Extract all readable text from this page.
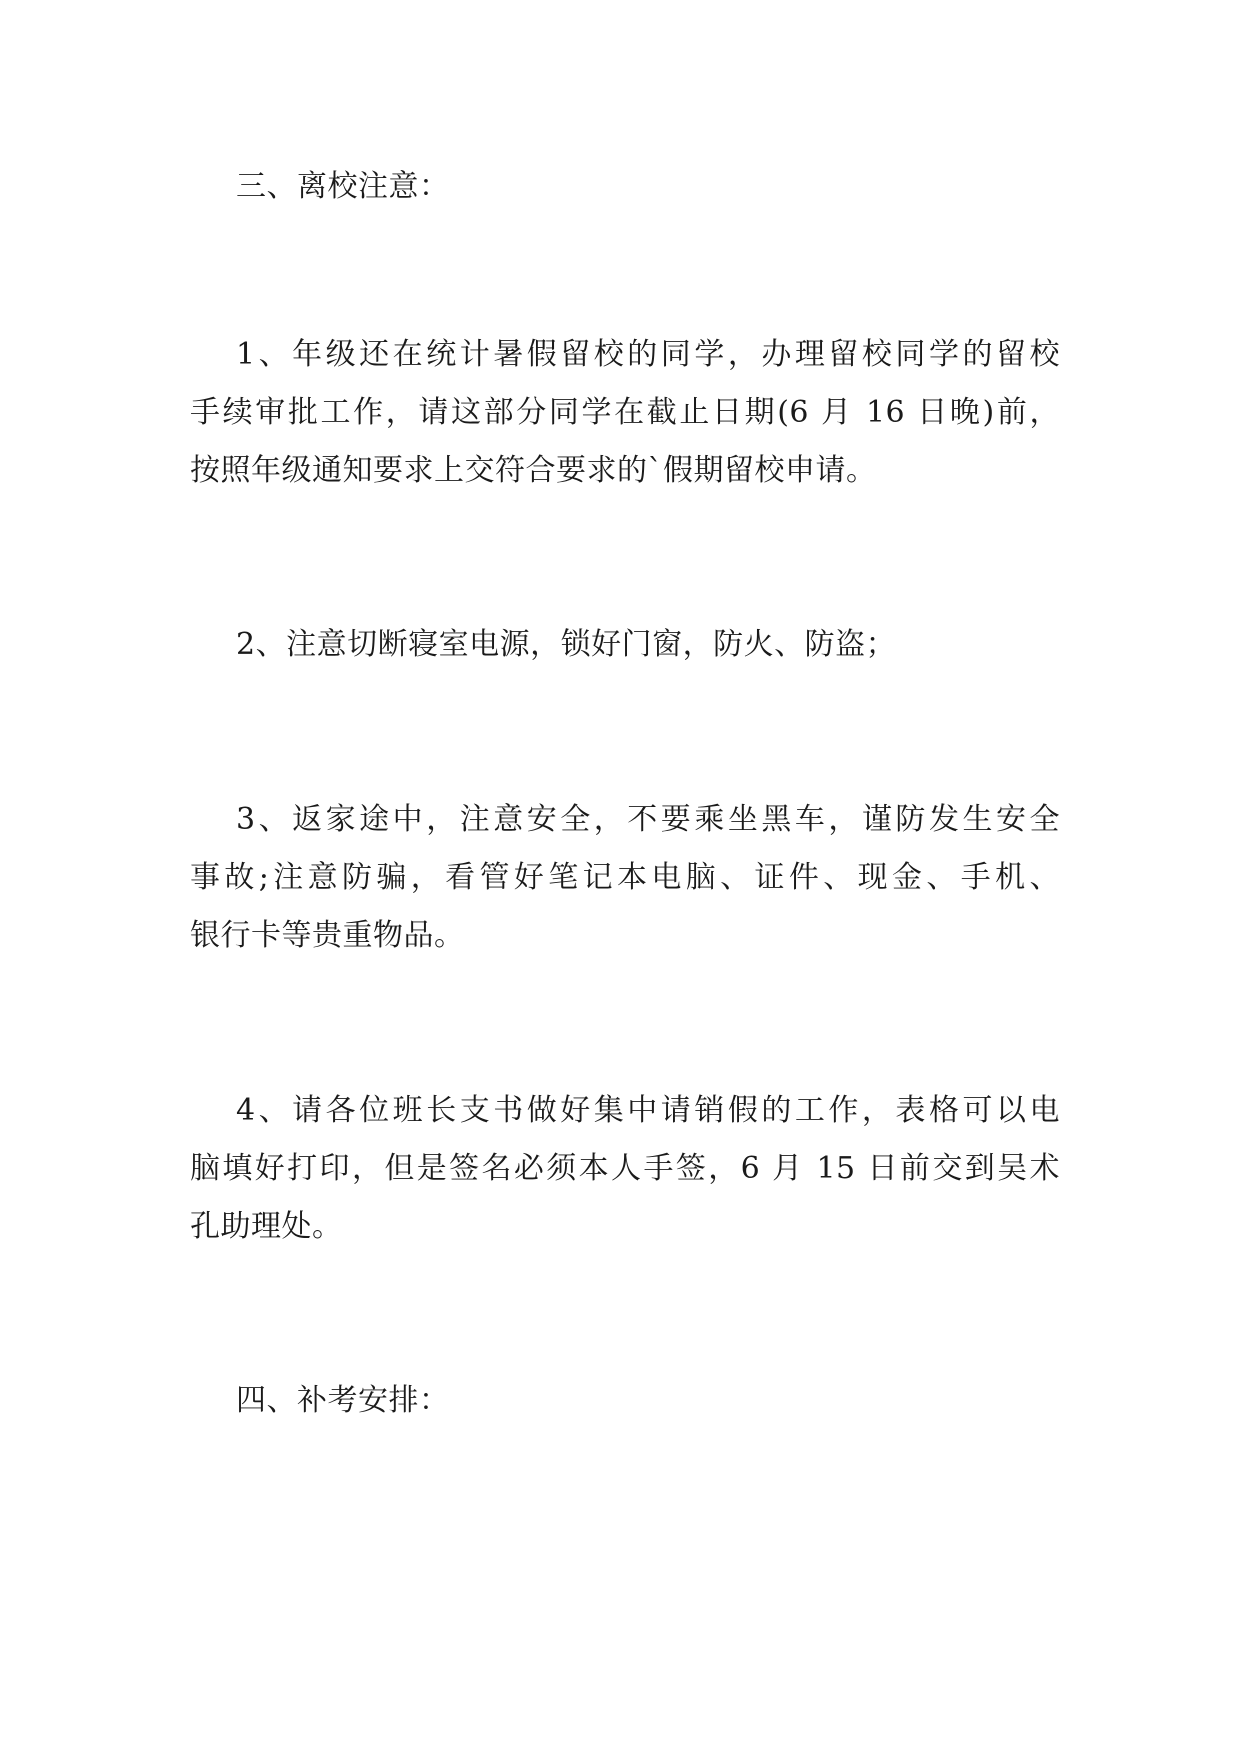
三、离校注意：
1、年级还在统计暑假留校的同学，办理留校同学的留校
手续审批工作，请这部分同学在截止日期(6 月 16 日晚)前，
按照年级通知要求上交符合要求的`假期留校申请。
2、注意切断寝室电源，锁好门窗，防火、防盗；
3、返家途中，注意安全，不要乘坐黑车，谨防发生安全
事故;注意防骗，看管好笔记本电脑、证件、现金、手机、
银行卡等贵重物品。
4、请各位班长支书做好集中请销假的工作，表格可以电
脑填好打印，但是签名必须本人手签，6 月 15 日前交到吴术
孔助理处。
四、补考安排：
